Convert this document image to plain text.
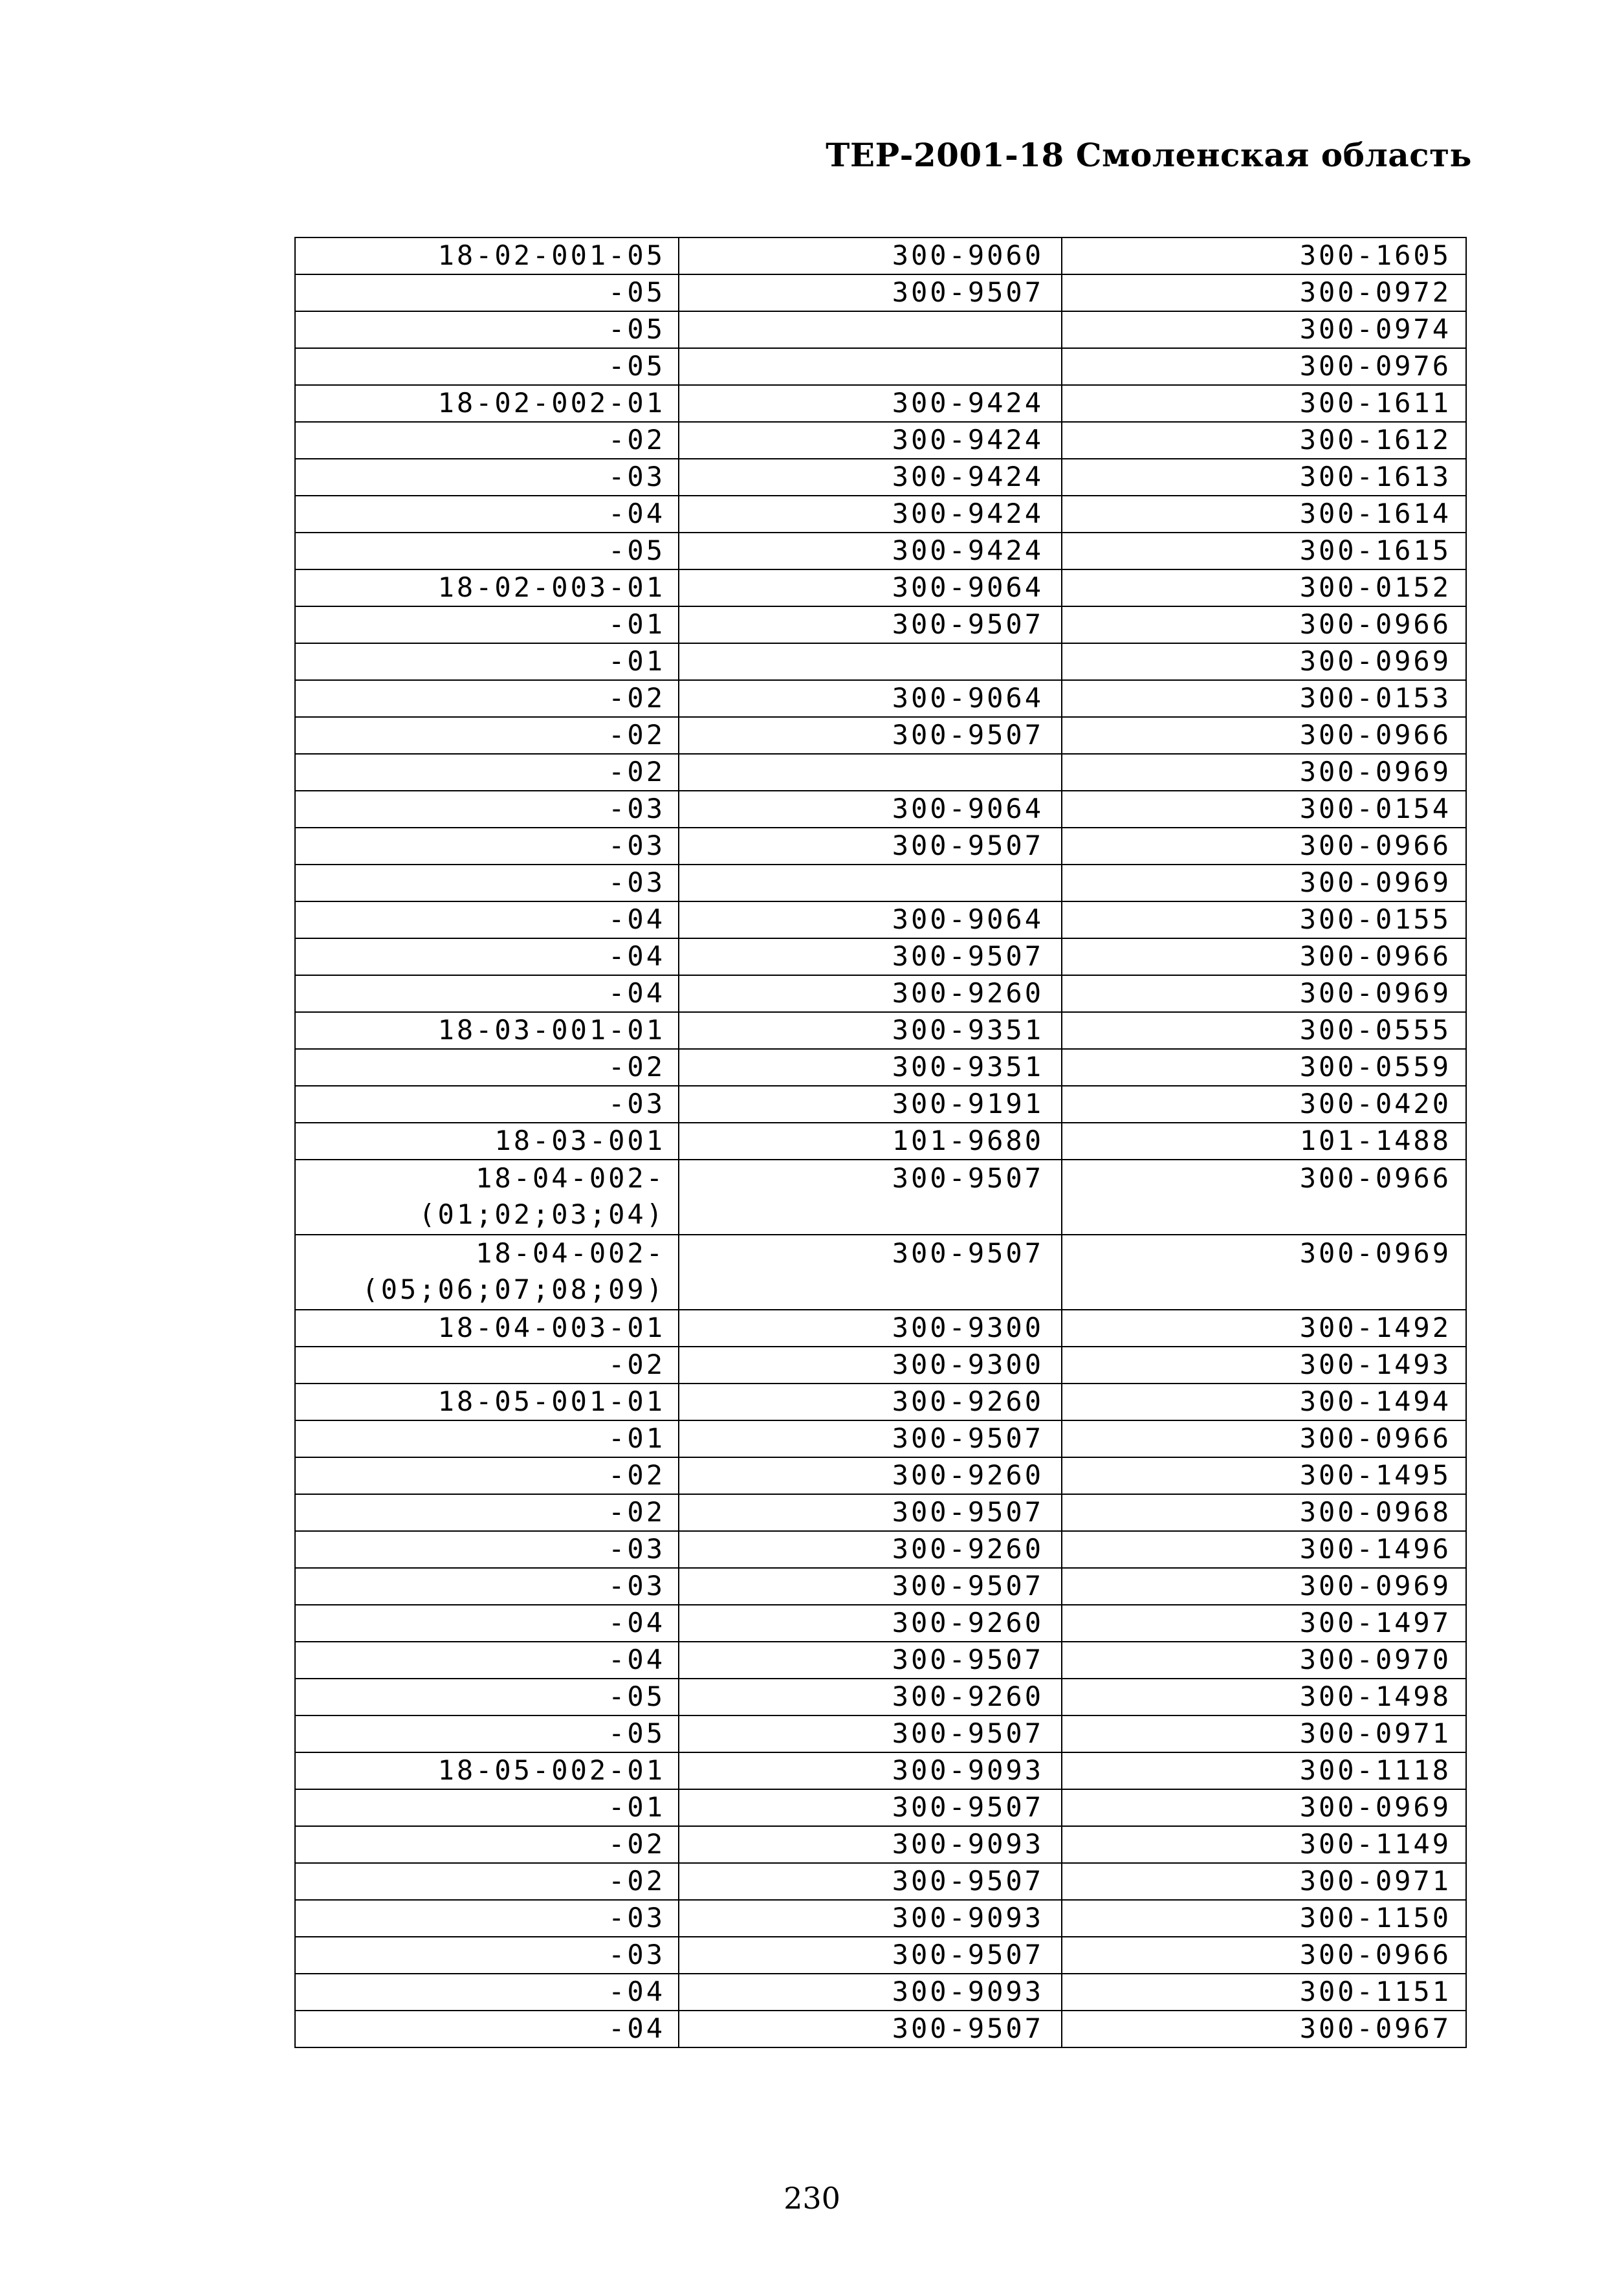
ТЕР-2001-18 Смоленская область
18-02-001-05	300-9060	300-1605
-05	300-9507	300-0972
-05		300-0974
-05		300-0976
18-02-002-01	300-9424	300-1611
-02	300-9424	300-1612
-03	300-9424	300-1613
-04	300-9424	300-1614
-05	300-9424	300-1615
18-02-003-01	300-9064	300-0152
-01	300-9507	300-0966
-01		300-0969
-02	300-9064	300-0153
-02	300-9507	300-0966
-02		300-0969
-03	300-9064	300-0154
-03	300-9507	300-0966
-03		300-0969
-04	300-9064	300-0155
-04	300-9507	300-0966
-04	300-9260	300-0969
18-03-001-01	300-9351	300-0555
-02	300-9351	300-0559
-03	300-9191	300-0420
18-03-001	101-9680	101-1488
18-04-002-
(01;02;03;04)	300-9507	300-0966
18-04-002-
(05;06;07;08;09)	300-9507	300-0969
18-04-003-01	300-9300	300-1492
-02	300-9300	300-1493
18-05-001-01	300-9260	300-1494
-01	300-9507	300-0966
-02	300-9260	300-1495
-02	300-9507	300-0968
-03	300-9260	300-1496
-03	300-9507	300-0969
-04	300-9260	300-1497
-04	300-9507	300-0970
-05	300-9260	300-1498
-05	300-9507	300-0971
18-05-002-01	300-9093	300-1118
-01	300-9507	300-0969
-02	300-9093	300-1149
-02	300-9507	300-0971
-03	300-9093	300-1150
-03	300-9507	300-0966
-04	300-9093	300-1151
-04	300-9507	300-0967
230
